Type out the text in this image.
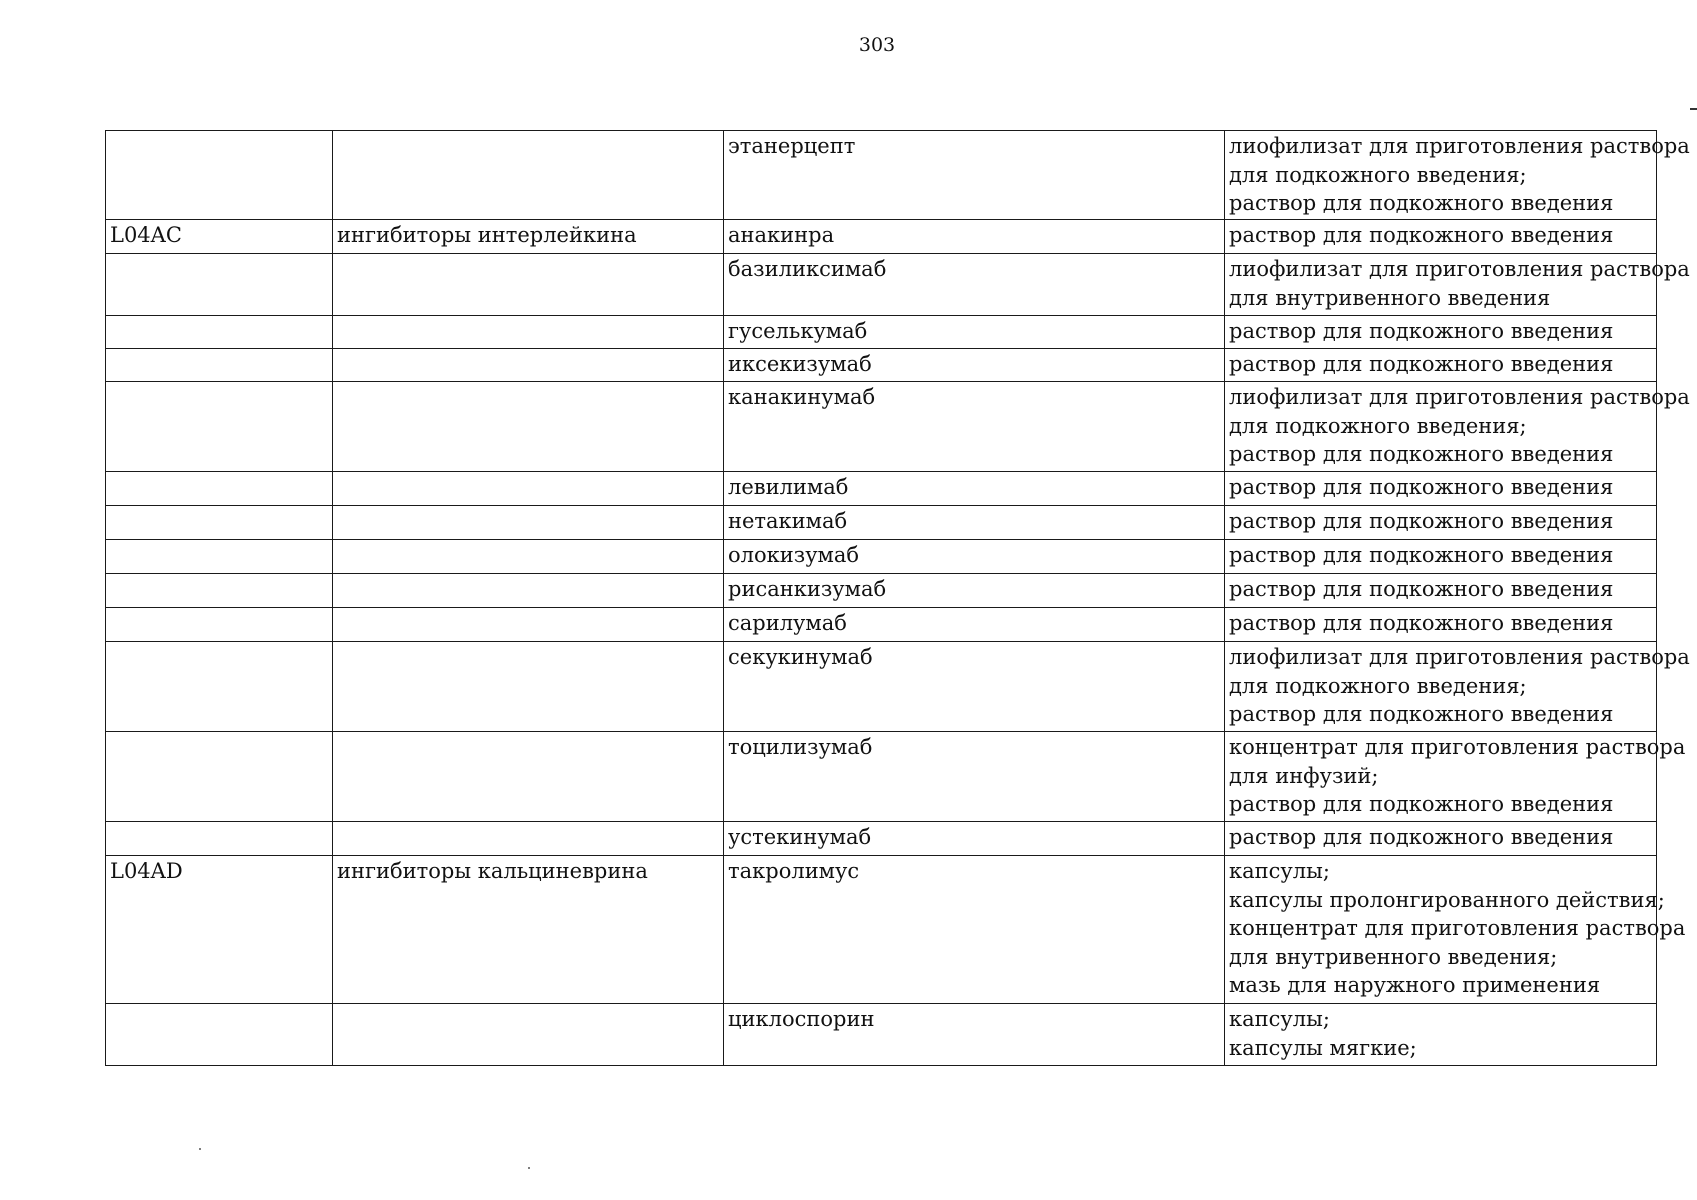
303
		этанерцепт	лиофилизат для приготовления раствора
для подкожного введения;
раствор для подкожного введения

L04AC	ингибиторы интерлейкина	анакинра	раствор для подкожного введения

		базиликсимаб	лиофилизат для приготовления раствора
для внутривенного введения

		гуселькумаб	раствор для подкожного введения

		иксекизумаб	раствор для подкожного введения

		канакинумаб	лиофилизат для приготовления раствора
для подкожного введения;
раствор для подкожного введения

		левилимаб	раствор для подкожного введения

		нетакимаб	раствор для подкожного введения

		олокизумаб	раствор для подкожного введения

		рисанкизумаб	раствор для подкожного введения

		сарилумаб	раствор для подкожного введения

		секукинумаб	лиофилизат для приготовления раствора
для подкожного введения;
раствор для подкожного введения

		тоцилизумаб	концентрат для приготовления раствора
для инфузий;
раствор для подкожного введения

		устекинумаб	раствор для подкожного введения

L04AD	ингибиторы кальциневрина	такролимус	капсулы;
капсулы пролонгированного действия;
концентрат для приготовления раствора
для внутривенного введения;
мазь для наружного применения

		циклоспорин	капсулы;
капсулы мягкие;
